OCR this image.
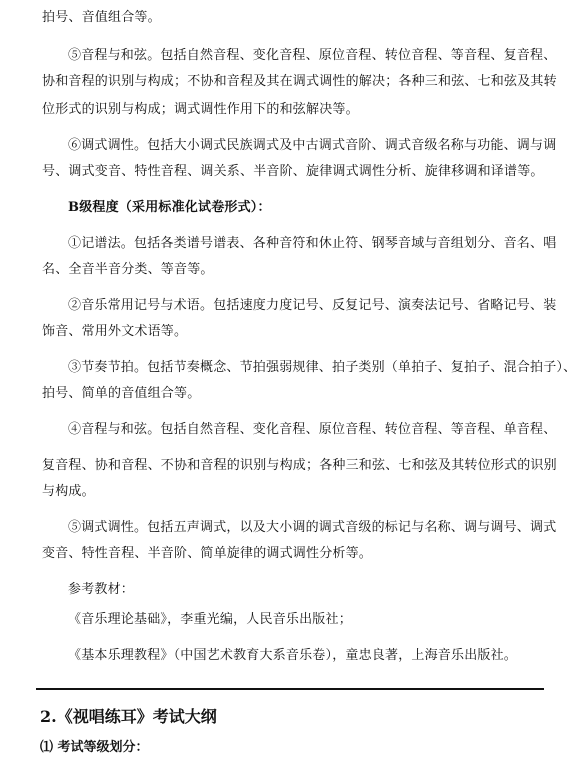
拍号、音值组合等。
⑤音程与和弦。包括自然音程、变化音程、原位音程、转位音程、等音程、复音程、
协和音程的识别与构成；不协和音程及其在调式调性的解决；各种三和弦、七和弦及其转
位形式的识别与构成；调式调性作用下的和弦解决等。
⑥调式调性。包括大小调式民族调式及中古调式音阶、调式音级名称与功能、调与调
号、调式变音、特性音程、调关系、半音阶、旋律调式调性分析、旋律移调和译谱等。
B级程度（采用标准化试卷形式）：
①记谱法。包括各类谱号谱表、各种音符和休止符、钢琴音域与音组划分、音名、唱
名、全音半音分类、等音等。
②音乐常用记号与术语。包括速度力度记号、反复记号、演奏法记号、省略记号、装
饰音、常用外文术语等。
③节奏节拍。包括节奏概念、节拍强弱规律、拍子类别（单拍子、复拍子、混合拍子）、
拍号、简单的音值组合等。
④音程与和弦。包括自然音程、变化音程、原位音程、转位音程、等音程、单音程、
复音程、协和音程、不协和音程的识别与构成；各种三和弦、七和弦及其转位形式的识别
与构成。
⑤调式调性。包括五声调式，以及大小调的调式音级的标记与名称、调与调号、调式
变音、特性音程、半音阶、简单旋律的调式调性分析等。
参考教材：
《音乐理论基础》，李重光编，人民音乐出版社；
《基本乐理教程》（中国艺术教育大系音乐卷），童忠良著，上海音乐出版社。
2.《视唱练耳》考试大纲
⑴ 考试等级划分：
